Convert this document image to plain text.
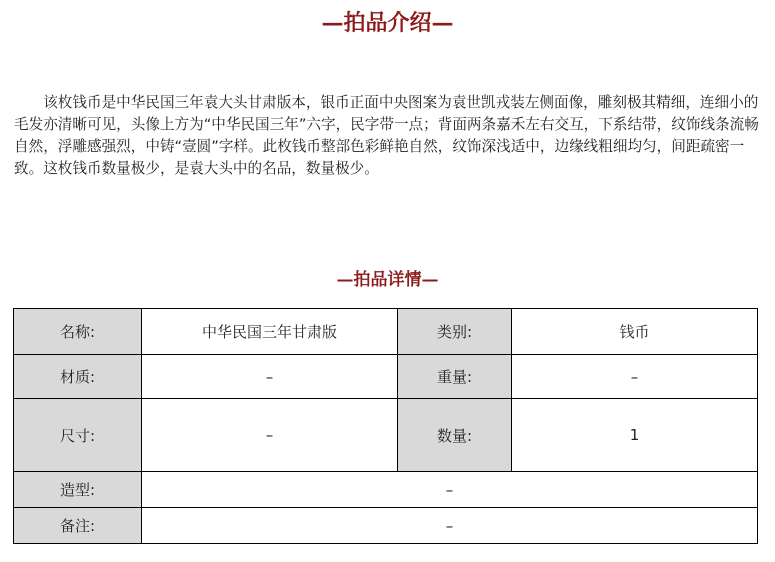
—拍品介绍—

该枚钱币是中华民国三年袁大头甘肃版本，银币正面中央图案为袁世凯戎装左侧面像，雕刻极其精细，连细小的毛发亦清晰可见，头像上方为“中华民国三年”六字，民字带一点；背面两条嘉禾左右交互，下系结带，纹饰线条流畅自然，浮雕感强烈，中铸“壹圆”字样。此枚钱币整部色彩鲜艳自然，纹饰深浅适中，边缘线粗细均匀，间距疏密一致。这枚钱币数量极少，是袁大头中的名品，数量极少。

—拍品详情—
名称:	中华民国三年甘肃版	类别:	钱币
材质:	–	重量:	–
尺寸:	–	数量:	1
造型:	–		
备注:	–		
